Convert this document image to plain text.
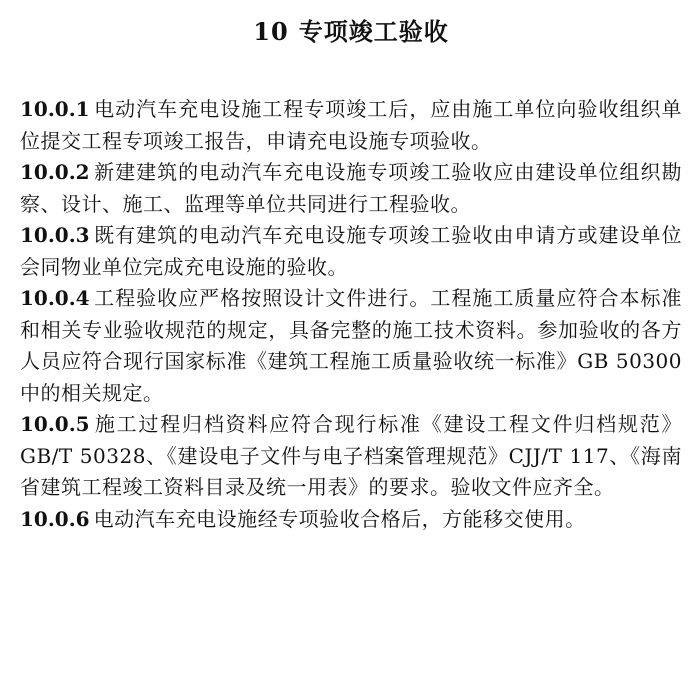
10 专项竣工验收

10.0.1 电动汽车充电设施工程专项竣工后，应由施工单位向验收组织单位提交工程专项竣工报告，申请充电设施专项验收。

10.0.2 新建建筑的电动汽车充电设施专项竣工验收应由建设单位组织勘察、设计、施工、监理等单位共同进行工程验收。

10.0.3 既有建筑的电动汽车充电设施专项竣工验收由申请方或建设单位会同物业单位完成充电设施的验收。

10.0.4 工程验收应严格按照设计文件进行。工程施工质量应符合本标准和相关专业验收规范的规定，具备完整的施工技术资料。参加验收的各方人员应符合现行国家标准《建筑工程施工质量验收统一标准》GB 50300 中的相关规定。

10.0.5 施工过程归档资料应符合现行标准《建设工程文件归档规范》GB/T 50328、《建设电子文件与电子档案管理规范》CJJ/T 117、《海南省建筑工程竣工资料目录及统一用表》的要求。验收文件应齐全。

10.0.6 电动汽车充电设施经专项验收合格后，方能移交使用。
